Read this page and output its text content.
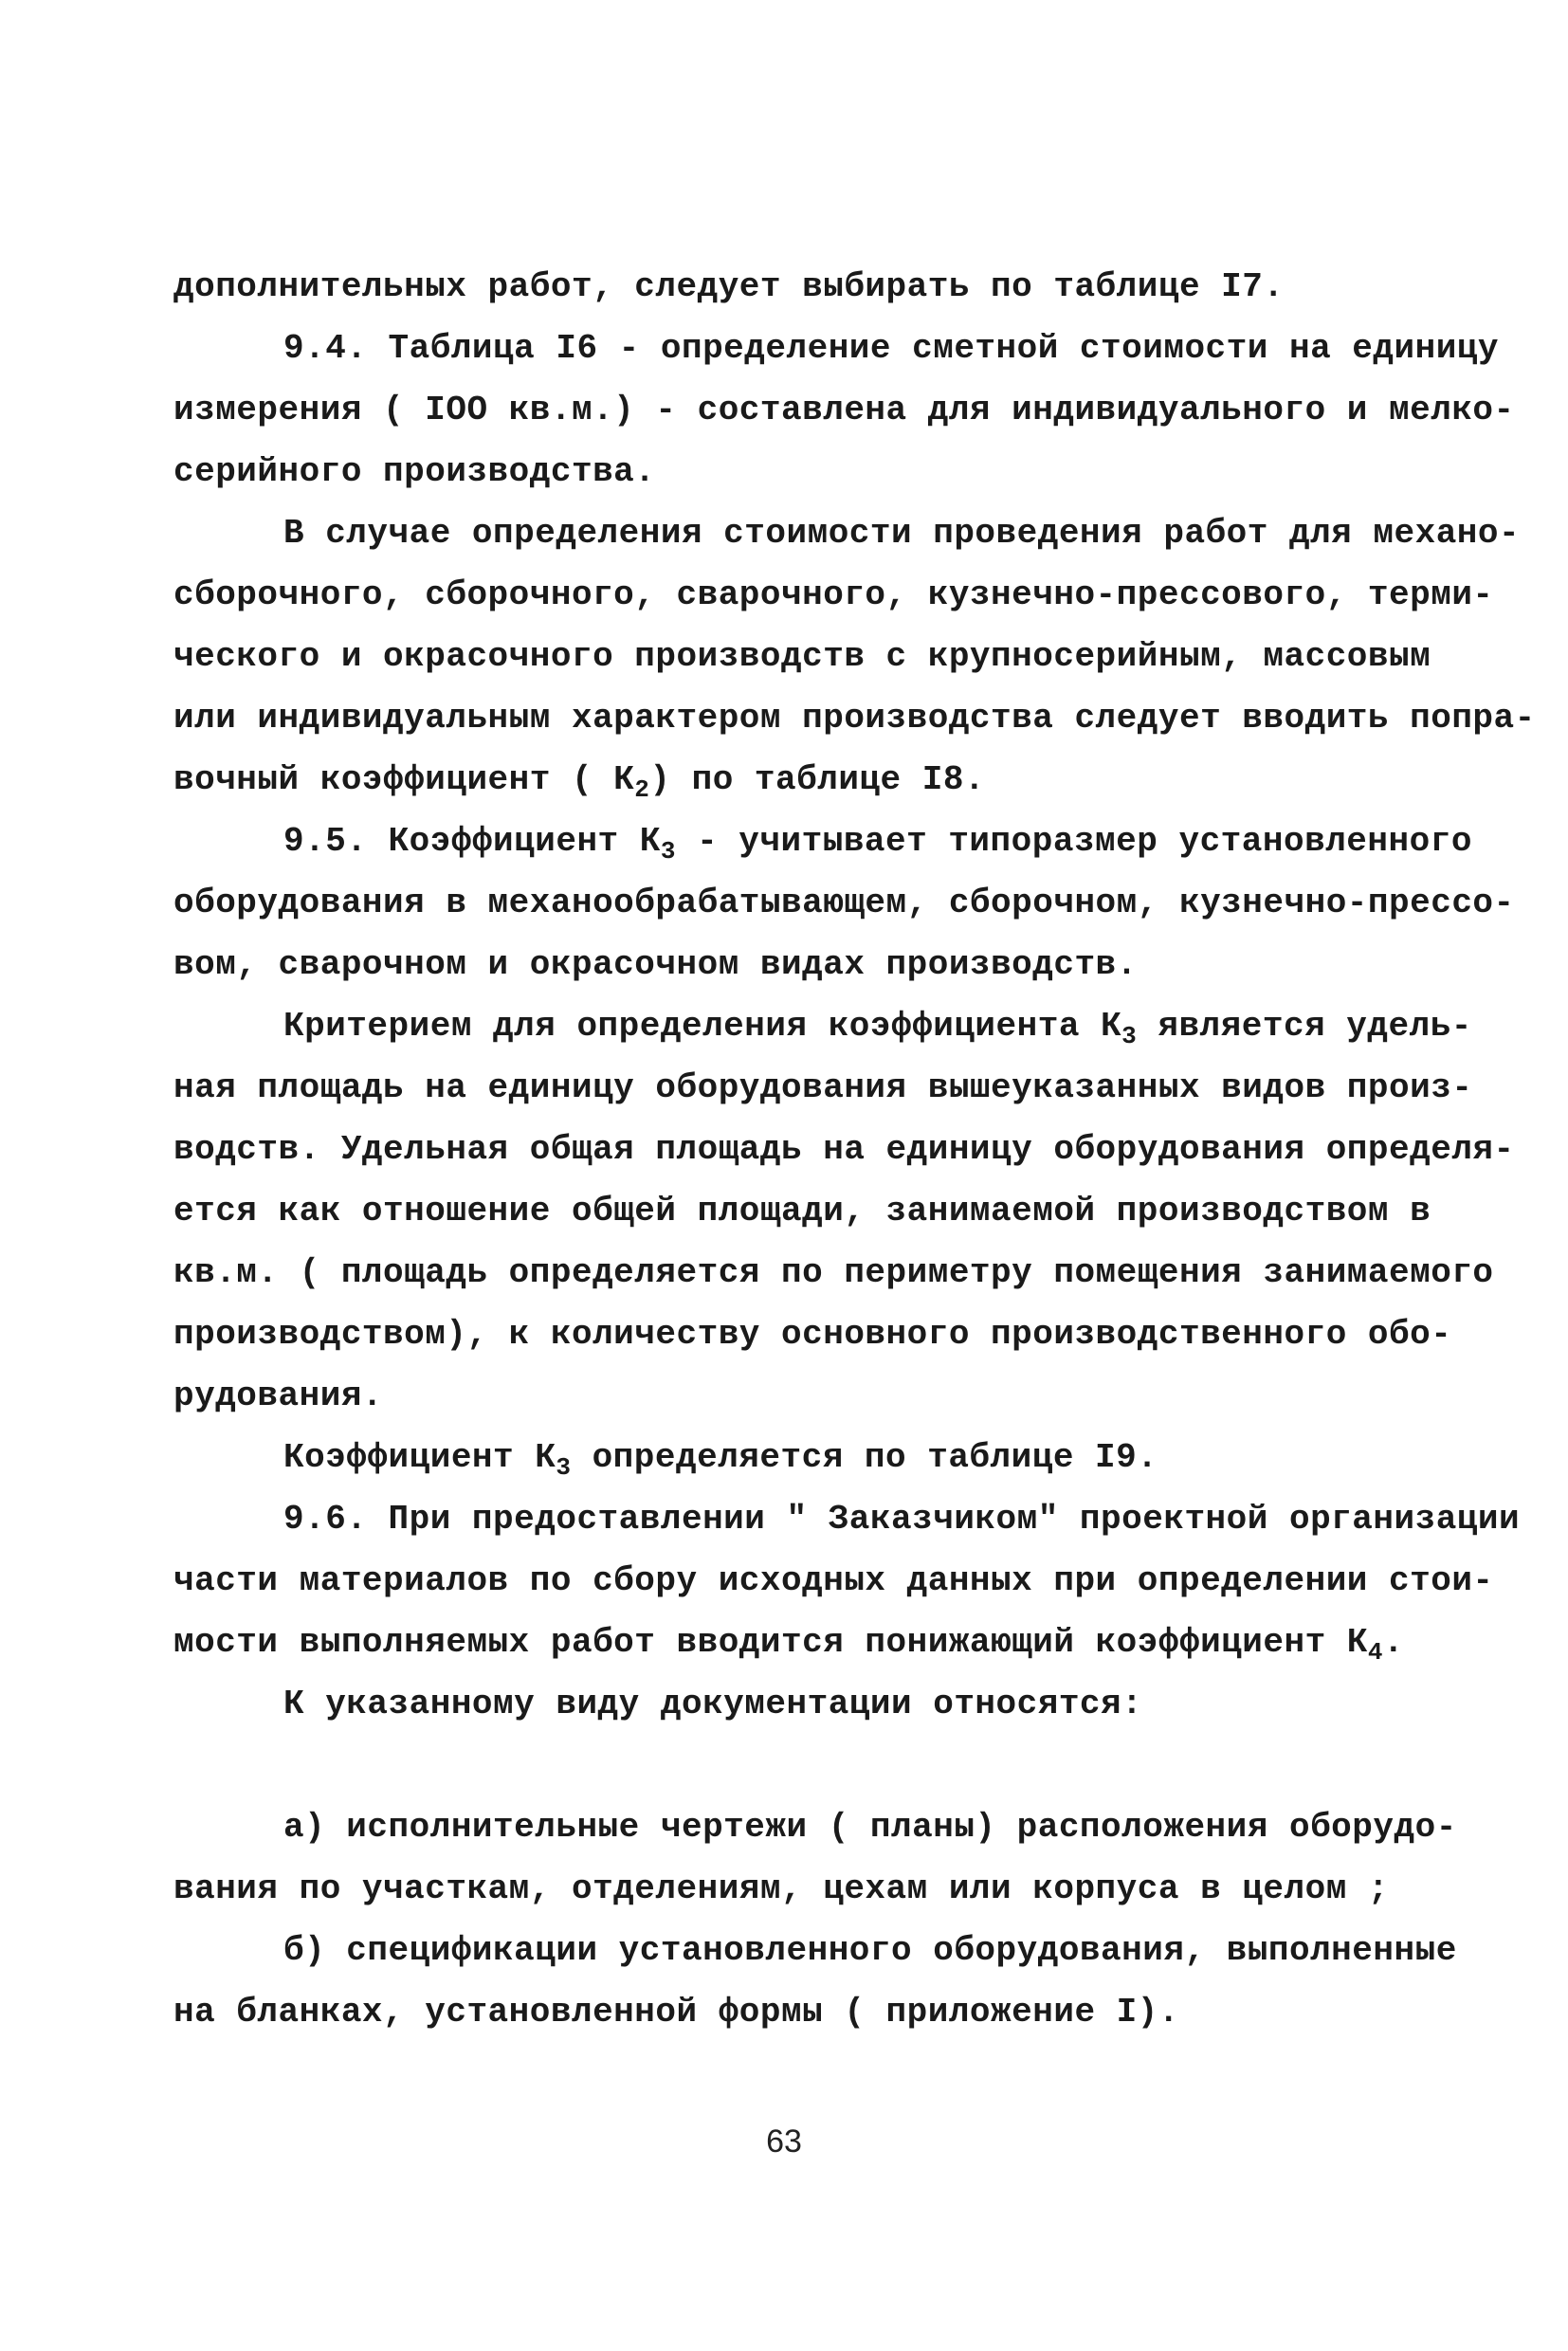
дополнительных работ, следует выбирать по таблице I7.
9.4. Таблица I6 - определение сметной стоимости на единицу
измерения ( IOO кв.м.) - составлена для индивидуального и мелко-
серийного производства.
В случае определения стоимости проведения работ для механо-
сборочного, сборочного, сварочного, кузнечно-прессового, терми-
ческого и окрасочного производств с крупносерийным, массовым
или индивидуальным характером производства следует вводить попра-
вочный коэффициент ( $К_2$) по таблице I8.
9.5. Коэффициент $К_3$ - учитывает типоразмер установленного
оборудования в механообрабатывающем, сборочном, кузнечно-прессо-
вом, сварочном и окрасочном видах производств.
Критерием для определения коэффициента $К_3$ является удель-
ная площадь на единицу оборудования вышеуказанных видов произ-
водств. Удельная общая площадь на единицу оборудования определя-
ется как отношение общей площади, занимаемой производством в
кв.м. ( площадь определяется по периметру помещения занимаемого
производством), к количеству основного производственного обо-
рудования.
Коэффициент $К_3$ определяется по таблице I9.
9.6. При предоставлении " Заказчиком" проектной организации
части материалов по сбору исходных данных при определении стои-
мости выполняемых работ вводится понижающий коэффициент $К_4$.
К указанному виду документации относятся:
а) исполнительные чертежи ( планы) расположения оборудо-
вания по участкам, отделениям, цехам или корпуса в целом ;
б) спецификации установленного оборудования, выполненные
на бланках, установленной формы ( приложение I).
63
